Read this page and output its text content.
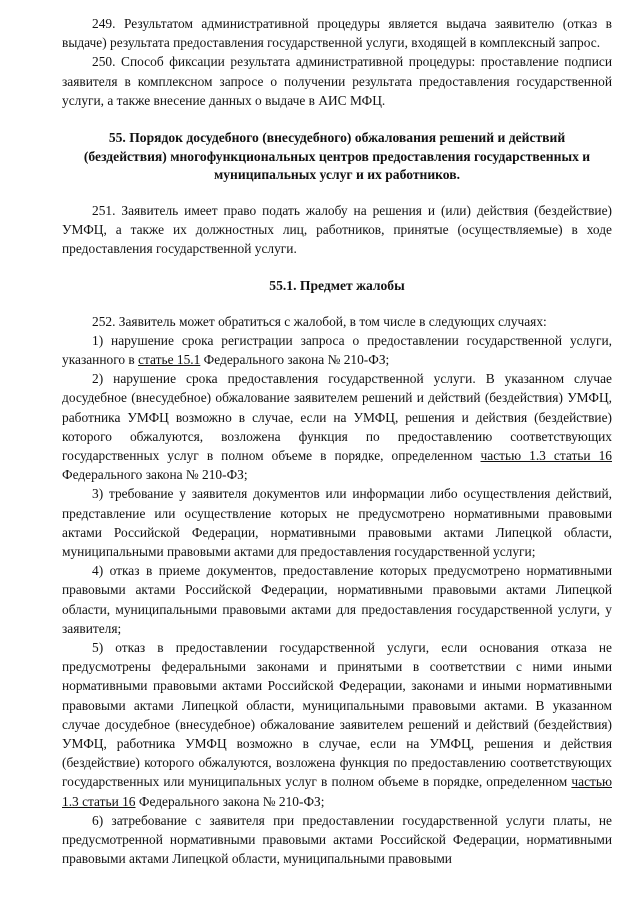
249. Результатом административной процедуры является выдача заявителю (отказ в выдаче) результата предоставления государственной услуги, входящей в комплексный запрос.

250. Способ фиксации результата административной процедуры: проставление подписи заявителя в комплексном запросе о получении результата предоставления государственной услуги, а также внесение данных о выдаче в АИС МФЦ.

55. Порядок досудебного (внесудебного) обжалования решений и действий (бездействия) многофункциональных центров предоставления государственных и муниципальных услуг и их работников.

251. Заявитель имеет право подать жалобу на решения и (или) действия (бездействие) УМФЦ, а также их должностных лиц, работников, принятые (осуществляемые) в ходе предоставления государственной услуги.

55.1. Предмет жалобы

252. Заявитель может обратиться с жалобой, в том числе в следующих случаях:

1) нарушение срока регистрации запроса о предоставлении государственной услуги, указанного в статье 15.1 Федерального закона № 210-ФЗ;

2) нарушение срока предоставления государственной услуги. В указанном случае досудебное (внесудебное) обжалование заявителем решений и действий (бездействия) УМФЦ, работника УМФЦ возможно в случае, если на УМФЦ, решения и действия (бездействие) которого обжалуются, возложена функция по предоставлению соответствующих государственных услуг в полном объеме в порядке, определенном частью 1.3 статьи 16 Федерального закона № 210-ФЗ;

3) требование у заявителя документов или информации либо осуществления действий, представление или осуществление которых не предусмотрено нормативными правовыми актами Российской Федерации, нормативными правовыми актами Липецкой области, муниципальными правовыми актами для предоставления государственной услуги;

4) отказ в приеме документов, предоставление которых предусмотрено нормативными правовыми актами Российской Федерации, нормативными правовыми актами Липецкой области, муниципальными правовыми актами для предоставления государственной услуги, у заявителя;

5) отказ в предоставлении государственной услуги, если основания отказа не предусмотрены федеральными законами и принятыми в соответствии с ними иными нормативными правовыми актами Российской Федерации, законами и иными нормативными правовыми актами Липецкой области, муниципальными правовыми актами. В указанном случае досудебное (внесудебное) обжалование заявителем решений и действий (бездействия) УМФЦ, работника УМФЦ возможно в случае, если на УМФЦ, решения и действия (бездействие) которого обжалуются, возложена функция по предоставлению соответствующих государственных или муниципальных услуг в полном объеме в порядке, определенном частью 1.3 статьи 16 Федерального закона № 210-ФЗ;

6) затребование с заявителя при предоставлении государственной услуги платы, не предусмотренной нормативными правовыми актами Российской Федерации, нормативными правовыми актами Липецкой области, муниципальными правовыми
